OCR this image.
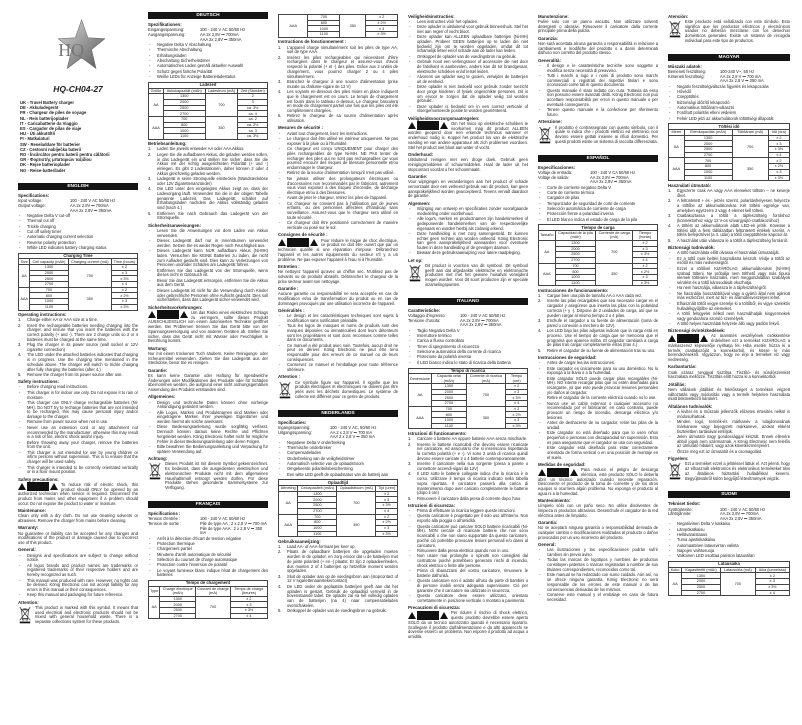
HQ
HQ-CH04-27
UK - Travel Battery charger
DE - Akkuladegerät
FR - Chargeur de piles de voyage
NL - Reis batterijoplader
IT - Caricabatterie da Viaggio
ES - Cargador de pilas de viaje
HU - Úti akkutöltő
FI - Matkalaturi
SW - Reseladdare för batterier
CZ - Cestovní nabíječka baterií
RO - Încărcător pentru baterii pentru călătorii
GR - Φορτιστής μπαταριών ταξιδίου
DK - Rejse batterioplader
NO - Reise-batterilader
ENGLISH
Specifications:
Input voltage:	100 - 240 V AC 50/60 Hz
Output voltage:	AA 2x 2.8V ⎓ 700mA
AAA 2x 2.8V ⎓ 350mA
- Negative Delta V cut-off
- Thermal cut off
- Trickle charging
- Cut off safety timer
- Automatic charging current selection
- Reverse polarity protection
- White LED indicates battery charging status
Charging Time			
Size	Cell capacity (mAh)	Charging current (mA)	Time (hours)
AA	1300	700	± 2
	2000		± 3
	2500		± 3½
	2700		± 4
AAA	700	350	± 2
	800		± 2½
	1000		± 3
	1100		± 3½
Operating instructions:
1. Charge either AA or AAA size at a time.
2. Insert the rechargeable batteries needing charging into the charger, and ensure that you insert the batteries with the correct polarity (+ and -). There are 2 charge units so 2 or 4 batteries must be charged at the same time.
3. Plug the charger in its power source (wall socket or 12V cigarette connection)
4. The LED under the attached batteries indicates that charging is in progress. Use the charging time mentioned in the schedule above. The charger will switch to trickle charging after fully charging the batteries (after 4.)
5. Remove the charger from its power source after use.
Safety instructions:
- Before charging read instructions.
- This charger is for indoor use only. Do not expose it to rain or moisture.
- This charger can ONLY charge rechargeable batteries (Ni-MH). Do NOT try to recharge batteries that are not intended to be recharged, this may cause personal injury and/or damage to the charger.
- Remove from power source when not in use.
- Never use an extension cord or any attachment not recommended by the manufacturer, otherwise this may result in a risk of fire, electric shock and/or injury.
- Before throwing away your charger, remove the batteries from the unit.
- This charger is not intended for use by young children or infirm persons without supervision. This is to ensure that the charger will be used safely.
- This charger is intended to be correctly orientated vertically or in a floor mount position.
Safety precautions:
To reduce risk of electric shock, this product should ONLY be opened by an authorized technician when service is required. Disconnect the product from mains and other equipment if a problem should occur. Do not expose the product to water or moisture.
Maintenance:
Clean only with a dry cloth. Do not use cleaning solvents or abrasives. Remove the charger from mains before cleaning.
Warranty:
No guarantee or liability can be accepted for any changes and modifications of the product or damage caused due to incorrect use of this product.
General:
- Designs and specifications are subject to change without notice.
- All logos brands and product names are trademarks or registered trademarks of their respective holders and are hereby recognized as such.
- This manual was produced with care. However, no rights can be derived. König Electronic can not accept liability for any errors in this manual or their consequences.
- Keep this manual and packaging for future reference.
Attention:
This product is marked with this symbol. It means that used electrical and electronic products should not be mixed with general household waste. There is a separate collections system for these products.
DEUTSCH
Spezifikationen:
Eingangsspannung:	100 - 240 V AC 50/60 Hz
Ausgangsspannung:	AA 2x 2,8V ⎓ 700mA
AAA 2x 2,8V ⎓ 350mA
- Negative Delta V Abschaltung
- Thermische Abschaltung
- Erhaltungsladen
- Abschaltung Sicherheitstimer
- Automatisches Laden gemäß aktueller Auswahl
- Schutz gegen falsche Polarität
- Weiße LEDs für Anzeige Batterieladestatus
Ladezeit			
Größe	Akkukapazität (mAh)	Ladestrom (mA)	Zeit (Stunden)
AA	1300	700	2
	2000		3
	2500		ca. 3½
	2700		ca. 4
AAA	700	350	ca. 2
	800		ca. 2½
	1000		ca. 3
	1100		ca. 3½
Betriebsanleitung:
1. Laden Sie jeweils entweder AA oder AAA Akkus.
2. Legen Sie die aufladbaren Akkus, die geladen werden sollen, in das Ladegerät ein und stellen Sie sicher, dass Sie die Akkus mit der richtig ausgerichteten Polarität (+ und -) einlegen. Es gibt 2 Ladestationen, daher können 2 oder 4 Akkus gleichzeitig geladen werden.
3. Ladegerät in seine Stromquelle einstecken (Wandsteckdose oder 12V Zigarettenanzünder)
4. Die LED unter den eingelegten Akkus zeigt an, dass der Ladevorgang läuft. Verwenden Sie die in der obigen Tabelle genannte Ladezeit. Das Ladegerät schaltet auf Erhaltungsladen nachdem die Akkus vollständig geladen sind (nach 4.)
5. Entfernen Sie nach Gebrauch das Ladegerät von der Stromquelle.
Sicherheitsanweisungen:
- Lesen Sie die Anweisungen vor dem Laden von Akkus verwenden.
- Dieses Ladegerät darf nur in Innenräumen verwendet werden. Setzen Sie es weder Regen noch Feuchtigkeit aus.
- Dieses Ladegerät kann NUR aufladbare Akkus (Ni-MH) laden. Versuchen Sie KEINE Batterien zu laden, die nicht zum Aufladen gedacht sind. Dies kann zu Verletzungen von Personen und/oder Schäden am Ladegerät führen.
- Entfernen Sie das Ladegerät von der Stromquelle, wenn dieses nicht in Gebrauch ist.
- Bevor Sie das Ladegerät entsorgen, entfernen Sie die Akkus aus dem Gerät.
- Dieses Ladegerät ist nicht für die Verwendung durch Kinder oder gebrechliche Personen ohne Aufsicht gedacht. Dies soll sicherstellen, dass das Ladegerät sicher verwendet wird.
Sicherheitsvorkehrungen:
Um das Risiko eines elektrischen Schlags zu verringern, sollte dieses Produkt AUSSCHLIESSLICH von einem autorisierten Techniker geöffnet werden. Bei Problemen trennen Sie das Gerät bitte von der Spannungsversorgung und von anderen Geräten ab. Stellen Sie sicher, dass das Gerät nicht mit Wasser oder Feuchtigkeit in Berührung kommt.
Wartung:
Nur mit einem trockenen Tuch säubern. Keine Reinigungs- oder Scheuermittel verwenden. Ziehen Sie das Ladegerät aus der Steckdose, bevor Sie es reinigen.
Garantie:
Es kann keine Garantie oder Haftung für irgendwelche Änderungen oder Modifikationen des Produkts oder für Schäden übernommen werden, die aufgrund einer nicht ordnungsgemäßen Anwendung des Produkts entstanden sind.
Allgemeines:
- Design und technische Daten können ohne vorherige Ankündigung geändert werden.
- Alle Logos, Marken und Produktnamen sind Marken oder eingetragene Marken ihrer jeweiligen Eigentümer und werden hiermit als solche anerkannt.
- Diese Bedienungsanleitung wurde sorgfältig verfasst. Dennoch können daraus keine Rechte und Pflichten hergeleitet werden. König Electronic haftet nicht für mögliche Fehler in dieser Bedienungsanleitung oder deren Folgen.
- Bitte bewahren Sie Bedienungsanleitung und Verpackung für spätere Verwendung auf.
Achtung:
Dieses Produkt ist mit diesem Symbol gekennzeichnet. Es bedeutet, dass die ausgedienten elektrischen und elektronischen Produkte nicht mit dem allgemeinen Haushaltsmüll entsorgt werden dürfen. Für diese Produkte stehen gesonderte Sammelsysteme zur Verfügung.
FRANÇAIS
Spécifications :
Tension d'entrée :	100 - 240 V AC 50/60 Hz
Tension de sortie :	Pile de type AA : 2 x 2,8 V ⎓ 700 mA
Pile de type AAA : 2 x 2,8 V ⎓ 350 mA
- Arrêt à la détection d'écart de tension négative
- Protection thermique
- Chargement partiel
- Minuterie d'arrêt automatique de sécurité
- Sélection du courant de charge automatique
- Protection contre l'inversion de polarité
- Le voyant lumineux blanc indique l'état de chargement des batteries
Temps de chargement			
Type	Charge électrique (mAh)	Courant de charge (mA)	Temps de charge (heures)
AA	1300	700	± 2
	2000		± 3
	2500		± 3½
	2700		± 4
AAA	700	350	± 2
	800		± 2½
	1000		± 3
	1100		± 3½
Instructions de fonctionnement :
1. L'appareil charge simultanément soit les piles de type AA, soit de type AAA.
2. Insérez les piles rechargeables qui nécessitent d'être rechargées dans le chargeur et assurez-vous d'avoir respecté la polarité (+ et -) des piles. Grâce aux 2 unités de chargement, vous pourrez charger 2 ou 4 piles simultanément.
3. Branchez le chargeur à une source d'alimentation (prise murale ou d'allume-cigare de 12 V)
4. Les voyants en-dessous des piles mises en place indiquent que le chargement est en cours. Le temps de chargement est fourni dans le tableau ci-dessus. Le chargeur basculera en mode de chargement partiel une fois que les piles ont été complètement chargées.
5. Retirez le chargeur de sa source d'alimentation après utilisation.
Mesures de sécurité :
- Avant tout chargement, lisez les instructions.
- Le chargeur doit être utilisé en intérieur uniquement. Ne pas exposer à la pluie ou à l'humidité.
- Ce chargeur est conçu UNIQUEMENT pour charger des piles rechargeables de type Ni-MH. NE PAS tenter de recharger des piles qui ne sont pas rechargeables car vous pourriez encourir des risques de blessure personnelle et/ou endommager le chargeur.
- Retirez de la source d'alimentation lorsqu'il n'est pas utilisé.
- Ne jamais utiliser des prolongateurs électriques ou d'accessoires non recommandés par le fabricant, autrement vous vous exposez à des risques d'incendie, de décharge électrique et/ou à des blessures.
- Avant de jeter le chargeur, retirez les piles de l'appareil.
- Ce chargeur ne convient pas à l'utilisation par de jeunes enfants, ou des personnes affectées d'handicap sans surveillance. Assurez-vous que le chargeur sera utilisé en toute sécurité.
- Ce chargeur doit être positionné correctement de manière verticale ou posé sur le sol.
Consignes de sécurité :
Pour réduire le risque de choc électrique, ce produit ne doit être ouvert que par un technicien qualifié si une réparation s'impose. Débranchez l'appareil et les autres équipements du secteur s'il y a un problème. Ne pas exposer l'appareil à l'eau ni à l'humidité.
Entretien :
Ne nettoyez l'appareil qu'avec un chiffon sec. N'utilisez pas de solvants ou de produits abrasifs. Débranchez le chargeur de la prise secteur avant son nettoyage.
Garantie :
Aucune garantie ou responsabilité ne sera acceptée en cas de modification et/ou de transformation du produit ou en cas de dommages provoqués par une utilisation incorrecte de l'appareil.
Généralités :
- Le design et les caractéristiques techniques sont sujets à modification sans notification préalable.
- Tous les logos de marques et noms de produits sont des marques déposées ou immatriculées dont leurs détenteurs sont les propriétaires et sont donc reconnues comme telles dans ce documents.
- Ce manuel a été produit avec soin. Toutefois, aucun droit ne peut en dériver. König Electronic ne peut être tenu responsable pour des erreurs de ce manuel ou de leurs conséquences.
- Conservez ce manuel et l'emballage pour toute référence ultérieure.
Attention :
Ce symbole figure sur l'appareil. Il signifie que les produits électriques et électroniques ne doivent pas être jetés avec les déchets domestiques. Le système de collecte est différent pour ce genre de produits.
NEDERLANDS
Specificaties:
Ingangsspanning:	100 - 240 V AC, 50/60 Hz
Uitgangsspanning:	AA 2 x 2,8 V ⎓ 700 mA
AAA 2 x 2,8 V ⎓ 350 mA
- Negatieve Delta V onderbreking
- Thermische onderbreker
- Compensatieladen
- Onderbreking van de veiligheidstimer
- Automatisch selectie van de oplaadstroom
- Omgekeerde polariteitsbescherming
- Een witte LED geeft de oplaadstatus van de batterij aan
Oplaadtijd			
Afmeting	Celcapaciteit (mAh)	Oplaadstroom (mA)	Tijd (uren)
AA	1300	700	± 2
	2000		± 3
	2500		± 3½
	2700		± 4
AAA	700	350	± 2
	800		± 2½
	1000		± 3
	1100		± 3½
Gebruiksaanwijzing:
1. Laad AA- of AAA-formaat per keer op.
2. Plaats de oplaadbare batterijen die opgeladen moeten worden in de oplader, en zorg ervoor dat u de batterijen met de juiste polariteit (+ en -) plaatst. Er zijn 2 oplaadeenheden, dus moeten 2 of 4 batterijen op hetzelfde moment worden opgeladen.
3. Sluit de oplader aan op de voedingsbron aan (stopcontact of 12 V sigarettenaanstekercontact)
4. De LED onder de geplaatste batterijen geeft aan dat het opladen is gestart. Gebruik de oplaadtijd vermeld in de bovenstaande tabel. De oplader zal na het volledig opladen van de batterijen (na 4) naar compensatieladen overschakelen.
5. Ontkoppel de oplader van de voedingsbron na gebruik.
Veiligheidsinstructies:
- Lees instructies vóór het opladen.
- Deze oplader is uitsluitend voor gebruik binnenshuis. Stel het niet aan regen of vocht bloot.
- Deze oplader kan ALLEEN oplaadbare batterijen (Ni-MH) opladen. Probeer GEEN batterijen op te laden die niet bedoeld zijn om te worden opgeladen, omdat dit tot lichamelijk letsel en/of schade aan de lader kan leiden.
- Ontkoppel de oplader van de voedingsbron na gebruik.
- Gebruik nooit een verlengsnoer of accessoire die niet door de fabrikant is aanbevolen, anders kan dit tot brandgevaar, elektrische schokken en/of letsel leiden.
- Alvorens uw oplader weg te gooien, verwijder de batterijen uit de eenheid.
- Deze oplader is niet bedoeld voor gebruik zonder toezicht door jonge kinderen of fysiek ongeschikte personen. Dit is om ervoor te zorgen dat de oplader veilig zal worden gebruikt.
- Deze oplader is bedoeld om in een correct verticale of vloergemonteerde positie te worden georiënteerd.
Veiligheidsvoorzorgsmaatregelen:
Om het risico op elektrische schokken te voorkomen mag dit product ALLEEN worden geopend door een erkende technicus wanneer er onderhoud nodig is. Koppel het product los van de elektrische voeding en van andere apparatuur als zich problemen voordoen. Stel het product niet bloot aan water of vocht.
Onderhoud:
Uitsluitend reinigen met een droge doek. Gebruik geen reinigingsmiddelen of schuurmiddelen. Haal de lader uit het stopcontact voordat u het schoonmaakt.
Garantie:
Voor wijzigingen en veranderingen aan het product of schade veroorzaakt door een verkeerd gebruik van dit product, kan geen aansprakelijkheid worden geaccepteerd. Tevens vervalt daardoor de garantie.
Algemeen:
- Wijziging van ontwerp en specificaties zonder voorafgaande mededeling onder voorbehoud.
- Alle logo's, merken en productnamen zijn handelsmerken of gedeponeerde handelsmerken van de respectievelijke eigenaars en worden hierbij als zodanig erkend.
- Deze handleiding is met zorg samengesteld. Er kunnen echter geen rechten aan worden ontleend. König Electronic kan geen aansprakelijkheid aanvaarden voor eventuele fouten in deze handleiding of de gevolgen daarvan.
- Bewaar deze gebruiksaanwijzing voor latere raadpleging.
Let op:
Dit product is voorzien van dit symbool. Dit symbool geeft aan dat afgedankte elektrische en elektronische producten niet met het gewone huisafval verwijderd mogen worden. Voor dit soort producten zijn er speciale inzamelingspunten.
ITALIANO
Caratteristiche:
Voltaggio d'ingresso:	100 - 240 V AC 50/60 Hz
Tensione d'uscita:	AA 2x 2,8V ⎓ 700mA
AAA 2x 2,8V ⎓ 350mA
- Taglio Negativo Delta V
- Interruttore termico
- Carica a flusso controllato
- Timer di spegnimento di sicurezza
- Selezione automatica della corrente di ricarica
- Protezione da polarità inversa
- Il LED bianco indica lo stato di ricarica della batteria
Tempo di ricarica			
Dimensione	Capacità cella (mAh)	Corrente di ricarica (mA)	Tempo (ore)
AA	1300	700	± 2
	2000		± 3
	2500		± 3½
	2700		± 4
AAA	700	350	± 2
	800		± 2½
	1000		± 3
	1100		± 3½
Istruzioni di funzionamento:
1. Caricare o batterie AA oppure batterie AAA senza mischiarle.
2. Inserire le batterie ricaricabili che devono essere ricaricate nel caricatore, ed assicurarsi che si inseriscano rispettando la corretta polarità (+ e -). Vi sono 2 unità di ricarica quindi devono essere caricate 2 o 4 batterie contemporaneamente.
3. Inserire il caricatore nella sua sorgente (presa a parete o connettore accendi-sigari da 12V)
4. Il LED sotto le batterie collegate indica che la ricarica è in corso. Utilizzare il tempo di ricarica indicato nella tabella sopra riportata. Il caricatore passerà alla carica di mantenimento dopo aver caricato completamente le batterie (dopo il ore)
5. Rimuovere il caricatore dalla presa di corrente dopo l'uso.
Istruzioni di sicurezza:
- Prima di effettuare la ricarica leggere queste istruzioni.
- Questo caricatore è progettato per il solo uso all'interno. Non esporlo alla pioggia o all'umidità.
- Questo caricatore può caricare SOLO batterie ricaricabili (Ni-MH). NON cercare di ricaricare batterie che non sono ricaricabili o che non siano supportate da questo caricatore, poiché ciò potrebbe provocare lesioni personali e/o danni al caricatore.
- Rimuovere dalla presa elettrica quando non in uso.
- Non usare mai prolunghe o spinotti non consigliati dal costruttore poiché potrebbero generarsi rischi di incendio, shock elettrico o ferite alle persone.
- Prima di sbarazzarsi del vostro caricatore, rimuovere le batterie dall'unità.
- Questo caricatore non è adatto all'uso da parte di bambini o di persone inabili senza adeguata supervisione. Ciò per garantire che il caricatore sia utilizzato in sicurezza.
- Questo caricatore deve essere utilizzato, orientato correttamente in posizione verticale o montato a pavimento.
Precauzioni di sicurezza:
Per ridurre il rischio di shock elettrico, questo prodotto dovrebbe essere aperto SOLO da un tecnico autorizzato quando è necessario ripararlo. Scollegare il prodotto dall'alimentazione e da altri apparecchi se dovesse esserci un problema. Non esporre il prodotto ad acqua o umidità.
Manutenzione:
Pulire solo con un panno asciutto. Non utilizzare solventi detergenti o abrasivi. Rimuovere il caricatore dalla corrente principale prima della pulizia.
Garanzia:
Non sarà accettata alcuna garanzia o responsabilità in relazione a cambiamenti e modifiche del prodotto o a danni determinati dall'uso non corretto del prodotto stesso.
Generalità:
- Il design e le caratteristiche tecniche sono soggette a modifica senza necessità di preavviso.
- Tutti i marchi a logo e i nomi di prodotto sono marchi commerciali o registrati dei rispettivi titolari e sono riconosciuti come tali in questo documento.
- Questo manuale è stato redatto con cura. Tuttavia da esso non possono essere avanzati diritti. König Electronic non può accettare responsabilità per errori in questo manuale o per eventuali conseguenze.
- Tenere questo manuale e la confezione per riferimento futuro.
Attenzione:
Il prodotto è contrassegnato con questo simbolo, con il quale si indica che i prodotti elettrici ed elettronici non devono essere gettati insieme ai rifiuti domestici. Per questi prodotti esiste un sistema di raccolta differenziata.
ESPAÑOL
Especificaciones:
Voltaje de entrada:	100 - 240 V CA 50/60 Hz
Voltaje de salida:	AA 2x 2,8V ⎓ 700mA
AAA 2x 2,8V ⎓ 350mA
- Corte de corriente negativo Delta V
- Corte de corriente térmica
- Cargador de pilas
- Temporizador de seguridad de corte de corriente
- Selección automática de corriente de carga
- Protección frente a polaridad inversa
- El LED blanco indica el estado de carga de la pila
Tiempo de carga			
Tamaño	Capacidad de la pila (mAh)	Corriente de carga (mA)	Tiempo (horas)
AA	1300	700	± 2
	2000		± 3
	2500		± 3½
	2700		± 4
AAA	700	350	± 2
	800		± 2½
	1000		± 3
	1100		± 3½
Instrucciones de funcionamiento:
1. Cargue bien una pila de tamaño AA o AAA cada vez.
2. Inserte las pilas recargables que sea necesario cargar en el cargador y asegúrese que inserta las pilas con la polaridad correcta (+ y -). Dispone de 2 unidades de carga, así que se pueden cargar al mismo tiempo 2 o 4 pilas.
3. Enchufe el cargador a su fuente de alimentación (toma de pared o conexión a mechero de 12V).
4. Los LED bajo las pilas adjuntas indican que la carga está en proceso. Use el tiempo de carga que se menciona que el programa que aparece arriba. El cargador cambiará a carga de pilas tras cargar completamente éstas (tras 4.)
5. Retire el cargador de su fuente de alimentación tras su uso.
Instrucciones de seguridad:
- Antes de cargar lea las instrucciones.
- Este cargador es únicamente para su uso doméstico. No lo exponga a la lluvia o a la humedad.
- Este cargador SÓLO puede cargar pilas recargables (Ni-MH). NO intente recargar pilas que no estén diseñadas para recargarse, ya que esto puede provocar lesiones personales y/o daños al cargador.
- Retire el cargador de la corriente eléctrica cuando no lo use.
- Nunca use un cable extensor o cualquier accesorio no recomendado por el fabricante; en caso contrario, puede provocar un riesgo de incendio, descarga eléctrica y/o lesiones.
- Antes de deshacerse de su cargador, retire las pilas de la unidad.
- Este cargador no está diseñado para que lo usen niños pequeños o personas con discapacidad sin supervisión. Esto es para asegurarse que el cargador se usa con seguridad.
- Este cargador está diseñado para estar correctamente orientado de forma vertical o en una posición de montaje en el suelo.
Medidas de seguridad:
Para reducir el peligro de descarga eléctrica, este producto SÓLO lo debería abrir un técnico autorizado cuando necesite reparación. Desconecte el producto de la toma de corriente y de los otros equipos si ocurriera algún problema. No exponga el producto al agua ni a la humedad.
Mantenimiento:
Límpielo sólo con un paño seco. No utilice disolventes de limpieza ni productos abrasivos. Desenchufe el cargador de la red eléctrica antes de limpiarlo.
Garantía:
No se aceptará ninguna garantía o responsabilidad derivada de cualquier cambio o modificaciones realizadas al producto o daños provocados por un uso incorrecto del producto.
General:
- Las ilustraciones y las especificaciones podrán sufrir cambios sin previo aviso.
- Todas las marcas de logotipos y nombres de productos constituyen patentes o marcas registradas a nombre de sus titulares correspondientes, reconocidos como tal.
- Este manual se ha redactado con sumo cuidado. Aún así, no se ofrece ninguna garantía. König Electronic no será responsable de los errores de este manual o de las consecuencias derivadas de los mismos.
- Conserve este manual y el embalaje en caso de futura necesidad.
Atención:
Este producto está señalizado con este símbolo. Esto significa que los productos eléctricos y electrónicos usados no deberán mezclarse con los desechos domésticos generales. Existe un sistema de recogida individual para este tipo de productos.
MAGYAR
Műszaki adatok:
Bemeneti feszültség:	100-240 V~, 50 Hz
Kimeneti feszültség:	AA 2x 2,8 V ⎓ 700 mA
AAA 2x 2,8 V ⎓ 350 mA
- Negatív feszültségváltozás figyelés és lekapcsolás
- Hővédő
- Csepptöltés
- Biztonsági időzítő lekapcsoló
- Automatikus töltőáram-választó
- Fordított polaritás elleni védelem
- Fehér LED jelzi az akkumulátorok töltöttségi állapotát
Töltési idő			
Méret	Elemkapacitás (mAh)	Töltőáram (mA)	Idő (óra)
AA	1300	700	± 2
	2000		± 3
	2500		± 3½
	2700		± 4
AAA	700	350	± 2
	800		± 2½
	1000		± 3
	1100		± 3½
Használati útmutató:
1. Egyszerre csak AA vagy AAA elemeket töltsön – ne keverje őket.
2. A feltüntetett + és - jelzés szerint, polaritáshelyesen helyezze a töltőbe az akkumulátorokat. Két töltési egysége van, amelyben egyszerre 2 vagy 4 elemet kell tölteni.
3. Csatlakoztassa a töltőt a tápfeszültség forráshoz (konnektorhoz vagy 12 V-os szivargyújtó-csatlakozóhoz)
4. A töltést az akkumulátorok alatti LED-ek jelzik. Kövesse a töltési időt a fenti táblázatban feltüntetett értékek szerint. A töltés befejeztével (a 4. után) a töltő csepptöltésre kapcsol át.
5. A használat után válassza le a töltőt a tápfeszültség forrásról.
Biztonsági tudnivalók:
- A töltő használata előtt olvassa el használati útmutatóját.
- Ez a töltő csak beltéri használatra készült. Védje a töltőt az esőtől és más nedvességtől.
- Ezzel a töltővel KIZÁRÓLAG akkumulátorokat (Ni-MH) szabad tölteni. Ne próbálja nem tölthető vagy más típusú elemek töltésére használni, mert meggondolatlan szabályok sérülést és a töltő károsodását okozhatja.
- Ha nem használja, válassza le a tápfeszültségről.
- Ne használja hosszabbítóval vagy a gyártó által nem ajánlott más eszközzel, mert az tűz- és áramütésveszélyes lehet.
- Elhasznált töltőt vegye szerelje ki a töltőből, és vigye szelektív hulladékgyűjtőbe az elemeket.
- A töltő felügyelet nélkül nem használhatják kisgyermekek vagy gondozásra szoruló személyek.
- A töltő helyes használati helyzete álló vagy padlón fekvő.
Biztonsági óvintézkedések:
Az áramütés veszélyének csökkentése érdekében ezt a terméket KIZÁRÓLAG a márkaszerviz képviselője nyithatja fel. Hiba esetén húzza ki a termék csatlakozóját a konnektorból, és kösse le más berendezésekről. Vigyázzon, hogy ne érje a terméket víz vagy nedvesség.
Karbantartás:
Csak száraz ronggyal tisztítsa. Tisztító- és súrolószereket használata mellőzze. Tisztítás előtt húzza ki a konnektorból.
Jótállás:
Nem vállalunk jótállást és felelősséget a terméken végzett változtatás vagy módosítás vagy a termék helytelen használata miatt bekövetkező károkért.
Általános tudnivalók:
- A kivitel és a műszaki jellemzők előzetes értesítés nélkül is módosulhatnak.
- Minden logó, termék-és márkanév a tulajdonosának márkaneve vagy bejegyzett márkaneve, azokat ekként tiszteletben tartásával említjük.
- Jelen útmutató nagy gondossággal készült. Ennek ellenére abból jogok nem származnak. A König Electronic nem felelős az útmutató hibáiért, vagy azok következményeiért.
- Őrizze meg ezt az útmutatót és a csomagolást.
Figyelem:
Ezt a terméket ezzel a jelöléssel láttuk el. Azt jelenti, hogy az elhasznált elektromos és elektronikus termékeket tilos az általános háztartási hulladékkal keverni. Begyűjtésükről külön begyűjtő létesítmények végzik.
SUOMI
Tekniset tiedot:
Syöttöjännite:	100 - 240 V AC 50/60 Hz
Lähtöjännite:	AA 2x 2,8V ⎓ 700mA
AAA 2x 2,8V ⎓ 350mA
- Negatiivinen Delta V katkaisu
- Lämpökatkaisu
- Hellävaraistaaus
- Turva ajastinkatkaisu
- Automaattinen latausvirran valinta
- Napojen vaihtosuoja
- Valkoinen LED osoittaa pariston lataustilan
Latausaika			
Koko	Kapasiteetti (mAh)	Latausvirta (mA)	Aika (tunneissa)
AA	1300	700	± 2
	2000		± 3
	2500		± 3½
	2700		± 4
